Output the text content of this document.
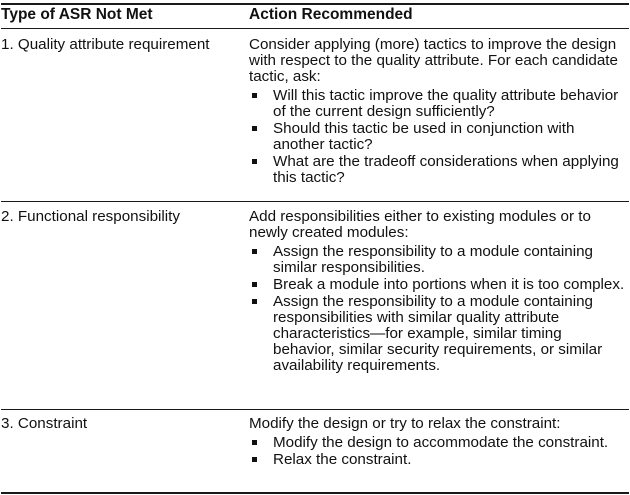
Type of ASR Not Met	Action Recommended
1. Quality attribute requirement	Consider applying (more) tactics to improve the design with respect to the quality attribute. For each candidate tactic, ask:

Will this tactic improve the quality attribute behavior of the current design sufficiently?
Should this tactic be used in conjunction with another tactic?
What are the tradeoff considerations when applying this tactic?
2. Functional responsibility	Add responsibilities either to existing modules or to newly created modules:

Assign the responsibility to a module containing similar responsibilities.
Break a module into portions when it is too complex.
Assign the responsibility to a module containing responsibilities with similar quality attribute characteristics—for example, similar timing behavior, similar security requirements, or similar availability requirements.
3. Constraint	Modify the design or try to relax the constraint:

Modify the design to accommodate the constraint.
Relax the constraint.
